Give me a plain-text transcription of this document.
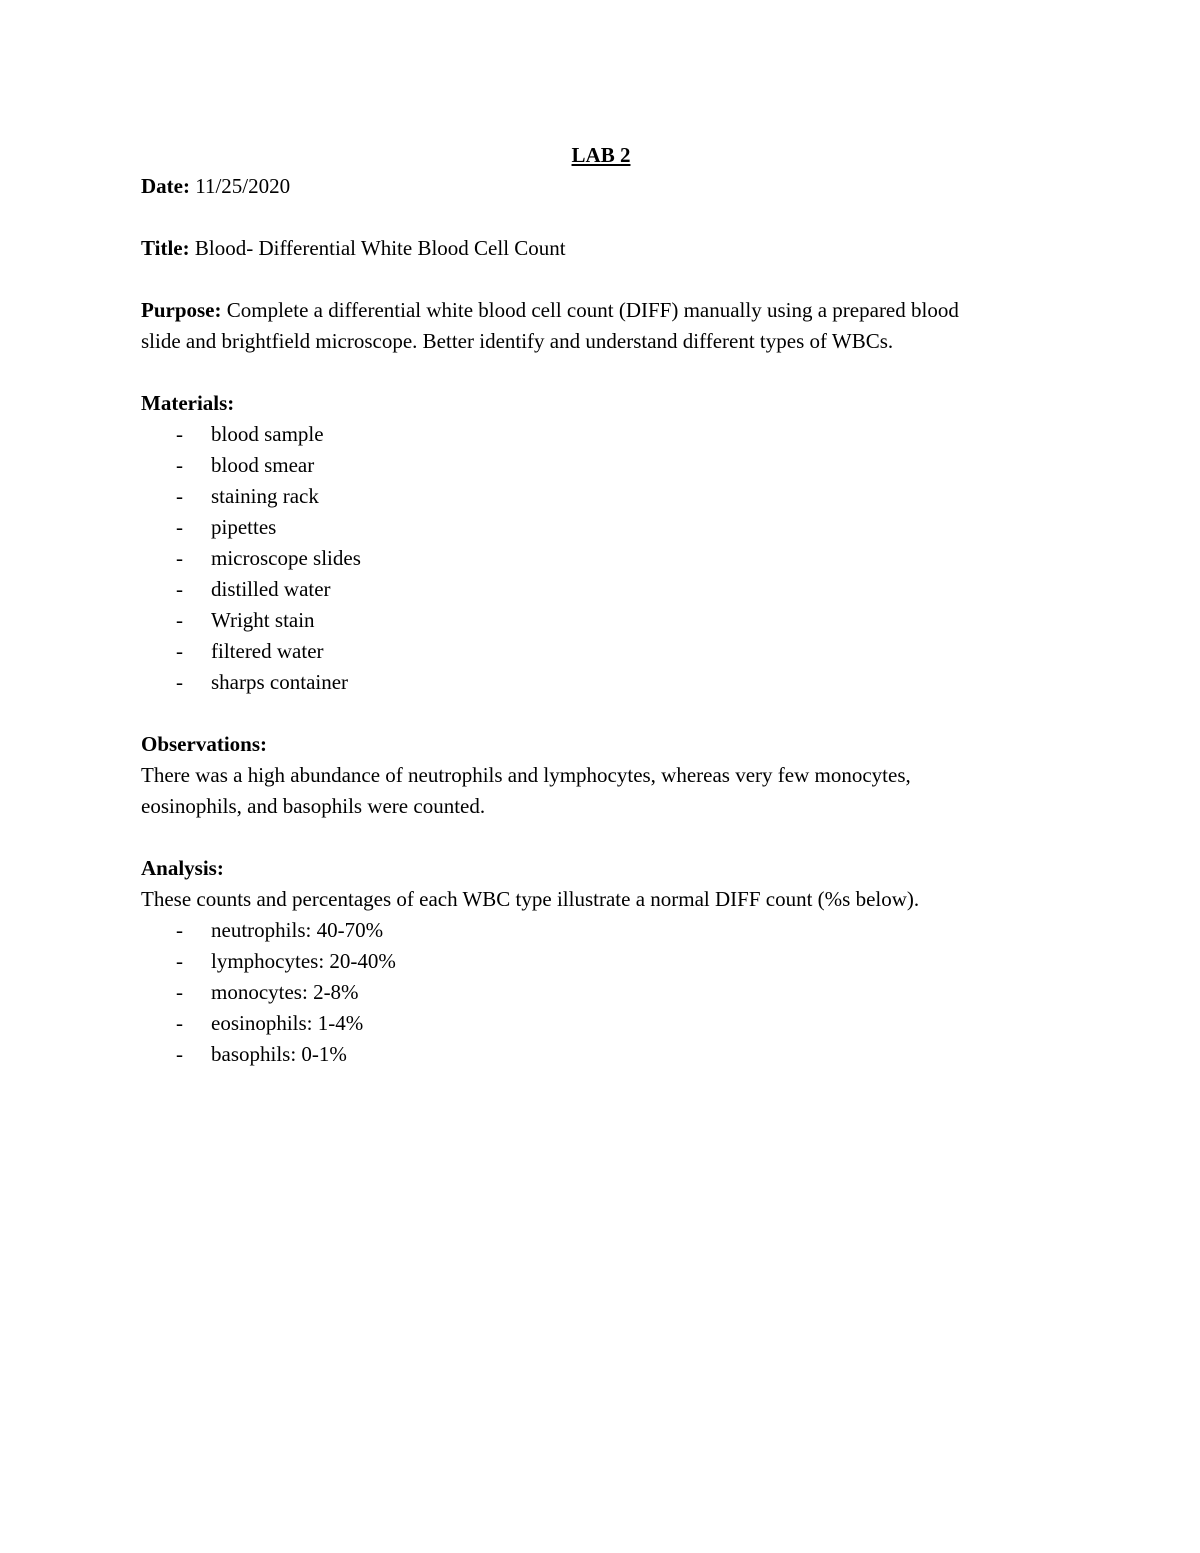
LAB 2

Date: 11/25/2020

Title: Blood- Differential White Blood Cell Count

Purpose: Complete a differential white blood cell count (DIFF) manually using a prepared blood

slide and brightfield microscope. Better identify and understand different types of WBCs.

Materials:

- blood sample
- blood smear
- staining rack
- pipettes
- microscope slides
- distilled water
- Wright stain
- filtered water
- sharps container

Observations:

There was a high abundance of neutrophils and lymphocytes, whereas very few monocytes,

eosinophils, and basophils were counted.

Analysis:

These counts and percentages of each WBC type illustrate a normal DIFF count (%s below).

- neutrophils: 40-70%
- lymphocytes: 20-40%
- monocytes: 2-8%
- eosinophils: 1-4%
- basophils: 0-1%
